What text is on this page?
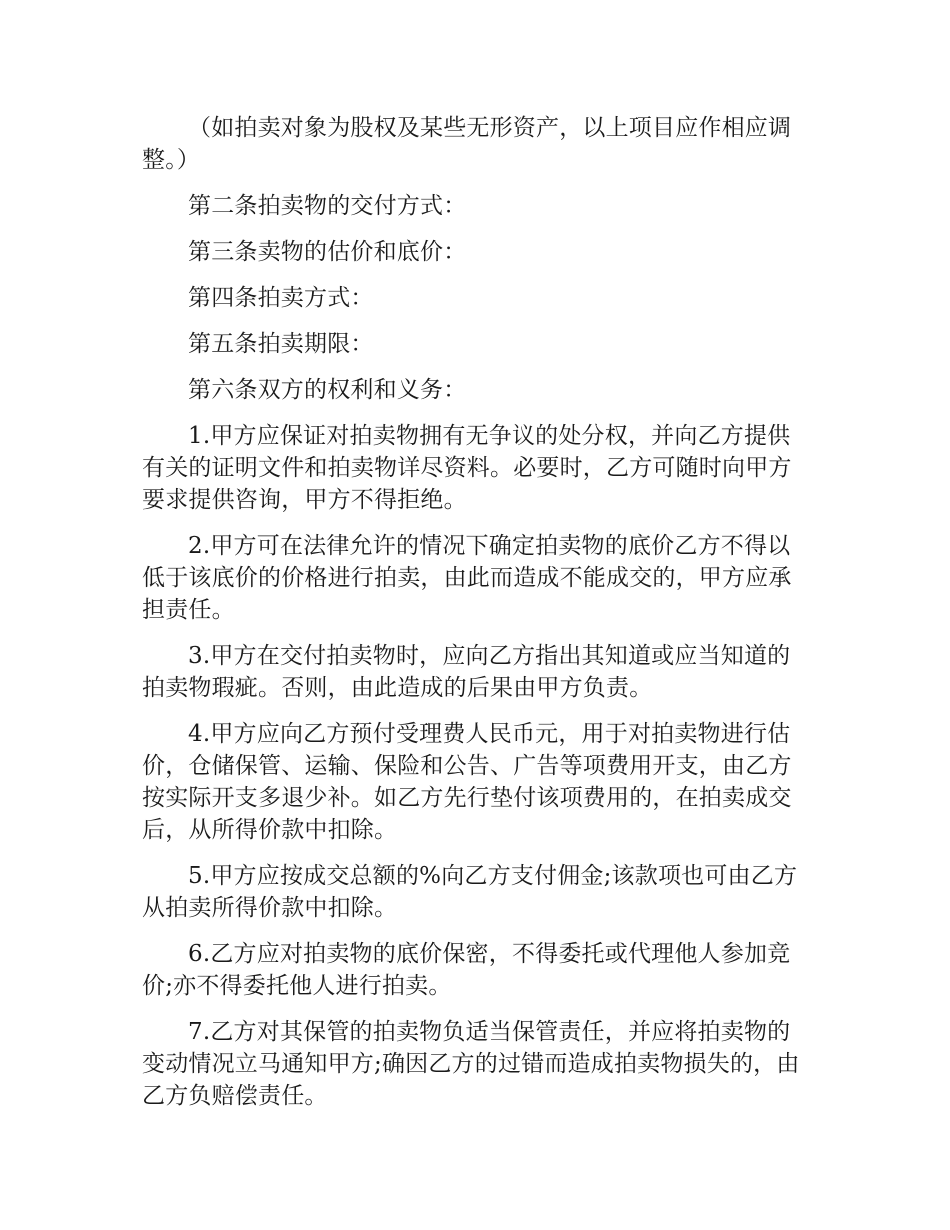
（如拍卖对象为股权及某些无形资产，以上项目应作相应调整。）

第二条拍卖物的交付方式：

第三条卖物的估价和底价：

第四条拍卖方式：

第五条拍卖期限：

第六条双方的权利和义务：

1.甲方应保证对拍卖物拥有无争议的处分权，并向乙方提供有关的证明文件和拍卖物详尽资料。必要时，乙方可随时向甲方要求提供咨询，甲方不得拒绝。

2.甲方可在法律允许的情况下确定拍卖物的底价乙方不得以低于该底价的价格进行拍卖，由此而造成不能成交的，甲方应承担责任。

3.甲方在交付拍卖物时，应向乙方指出其知道或应当知道的拍卖物瑕疵。否则，由此造成的后果由甲方负责。

4.甲方应向乙方预付受理费人民币元，用于对拍卖物进行估价，仓储保管、运输、保险和公告、广告等项费用开支，由乙方按实际开支多退少补。如乙方先行垫付该项费用的，在拍卖成交后，从所得价款中扣除。

5.甲方应按成交总额的%向乙方支付佣金;该款项也可由乙方从拍卖所得价款中扣除。

6.乙方应对拍卖物的底价保密，不得委托或代理他人参加竞价;亦不得委托他人进行拍卖。

7.乙方对其保管的拍卖物负适当保管责任，并应将拍卖物的变动情况立马通知甲方;确因乙方的过错而造成拍卖物损失的，由乙方负赔偿责任。
